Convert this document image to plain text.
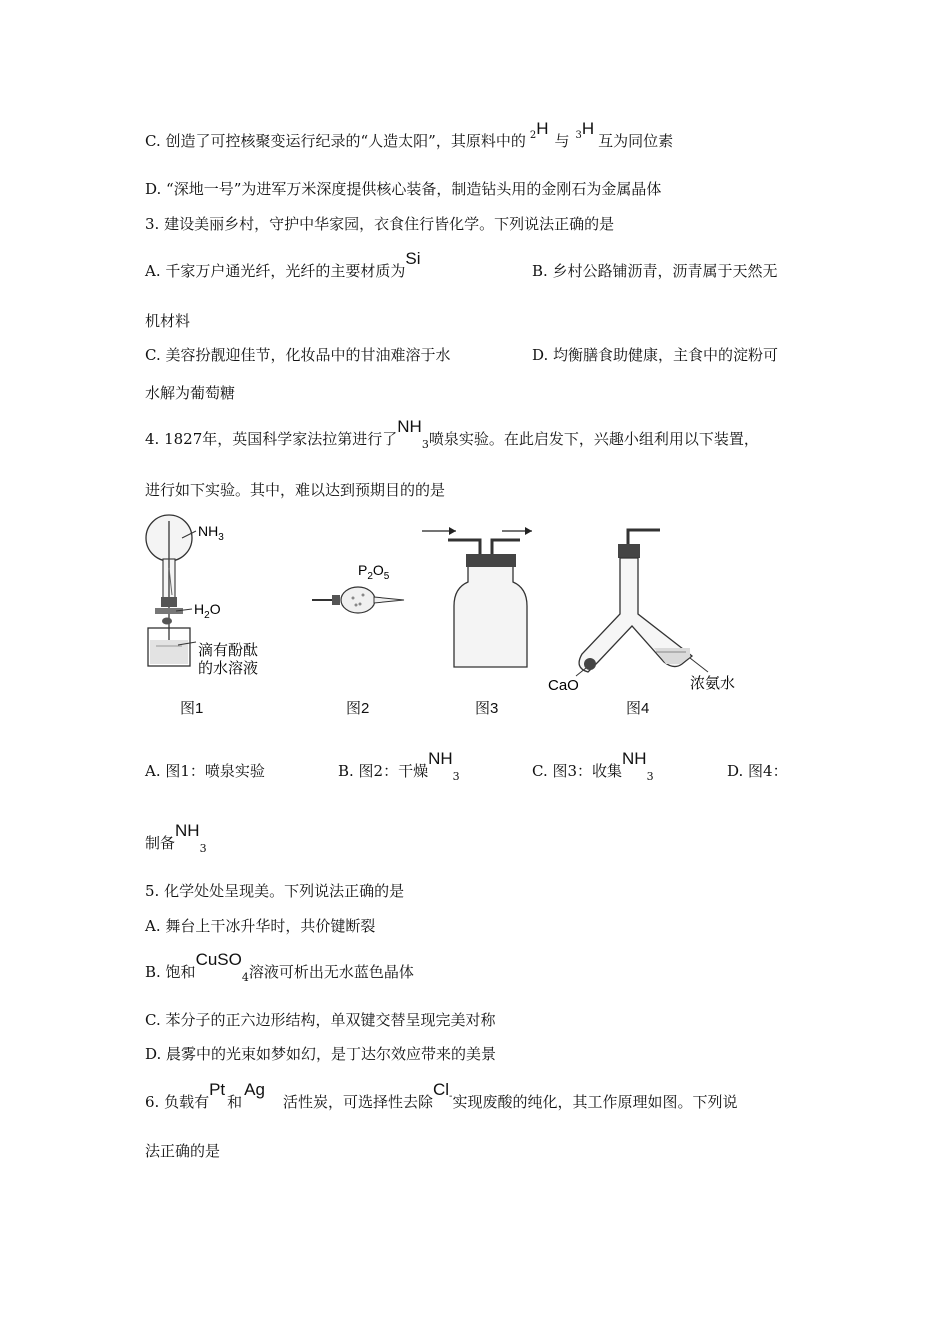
C. 创造了可控核聚变运行纪录的“人造太阳”，其原料中的 $^2$H与 $^3$H互为同位素
D. “深地一号”为进军万米深度提供核心装备，制造钻头用的金刚石为金属晶体
3. 建设美丽乡村，守护中华家园，衣食住行皆化学。下列说法正确的是
A. 千家万户通光纤，光纤的主要材质为Si
B. 乡村公路铺沥青，沥青属于天然无
机材料
C. 美容扮靓迎佳节，化妆品中的甘油难溶于水	D. 均衡膳食助健康，主食中的淀粉可
水解为葡萄糖
4. 1827年，英国科学家法拉第进行了$NH_3$喷泉实验。在此启发下，兴趣小组利用以下装置，
进行如下实验。其中，难以达到预期目的的是
$NH_3$
$H_2O$
滴有酚酞
的水溶液
图1
$P_2O_5$
图2	图3
CaO	浓氨水
图4
A. 图1：喷泉实验	B. 图2：干燥$NH_3$	C. 图3：收集$NH_3$	D. 图4：
制备$NH_3$
5. 化学处处呈现美。下列说法正确的是
A. 舞台上干冰升华时，共价键断裂
B. 饱和CuSO$_4$溶液可析出无水蓝色晶体
C. 苯分子的正六边形结构，单双键交替呈现完美对称
D. 晨雾中的光束如梦如幻，是丁达尔效应带来的美景
6. 负载有Pt和Ag活性炭，可选择性去除Cl-实现废酸的纯化，其工作原理如图。下列说
法正确的是
